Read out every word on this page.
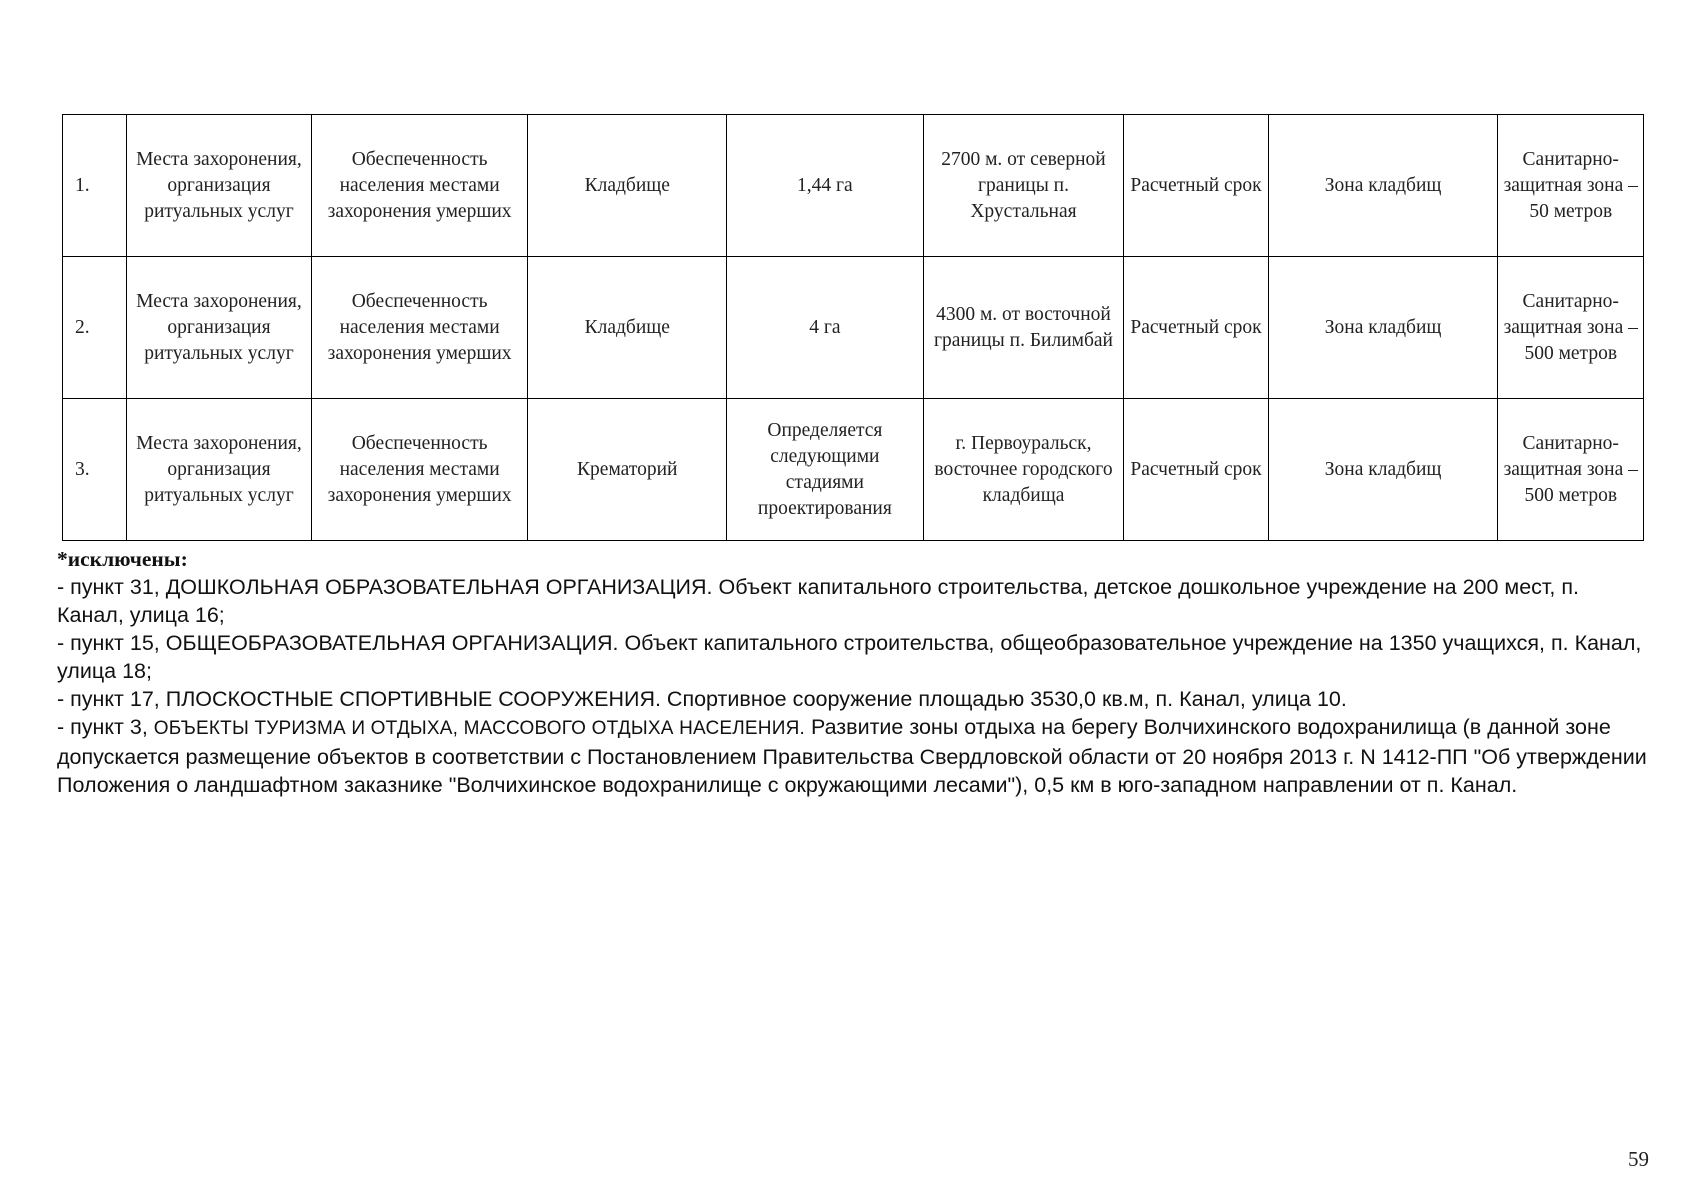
1.	Места захоронения, организация ритуальных услуг	Обеспеченность населения местами захоронения умерших	Кладбище	1,44 га	2700 м. от северной границы п. Хрустальная	Расчетный срок	Зона кладбищ	Санитарно-защитная зона – 50 метров
2.	Места захоронения, организация ритуальных услуг	Обеспеченность населения местами захоронения умерших	Кладбище	4 га	4300 м. от восточной границы п. Билимбай	Расчетный срок	Зона кладбищ	Санитарно-защитная зона – 500 метров
3.	Места захоронения, организация ритуальных услуг	Обеспеченность населения местами захоронения умерших	Крематорий	Определяется следующими стадиями проектирования	г. Первоуральск, восточнее городского кладбища	Расчетный срок	Зона кладбищ	Санитарно-защитная зона – 500 метров

*исключены:

- пункт 31, ДОШКОЛЬНАЯ ОБРАЗОВАТЕЛЬНАЯ ОРГАНИЗАЦИЯ. Объект капитального строительства, детское дошкольное учреждение на 200 мест, п. Канал, улица 16;

- пункт 15, ОБЩЕОБРАЗОВАТЕЛЬНАЯ ОРГАНИЗАЦИЯ. Объект капитального строительства, общеобразовательное учреждение на 1350 учащихся, п. Канал, улица 18;

- пункт 17, ПЛОСКОСТНЫЕ СПОРТИВНЫЕ СООРУЖЕНИЯ. Спортивное сооружение площадью 3530,0 кв.м, п. Канал, улица 10.

- пункт 3, ОБЪЕКТЫ ТУРИЗМА И ОТДЫХА, МАССОВОГО ОТДЫХА НАСЕЛЕНИЯ. Развитие зоны отдыха на берегу Волчихинского водохранилища (в данной зоне допускается размещение объектов в соответствии с Постановлением Правительства Свердловской области от 20 ноября 2013 г. N 1412-ПП "Об утверждении Положения о ландшафтном заказнике "Волчихинское водохранилище с окружающими лесами"), 0,5 км в юго-западном направлении от п. Канал.

59
